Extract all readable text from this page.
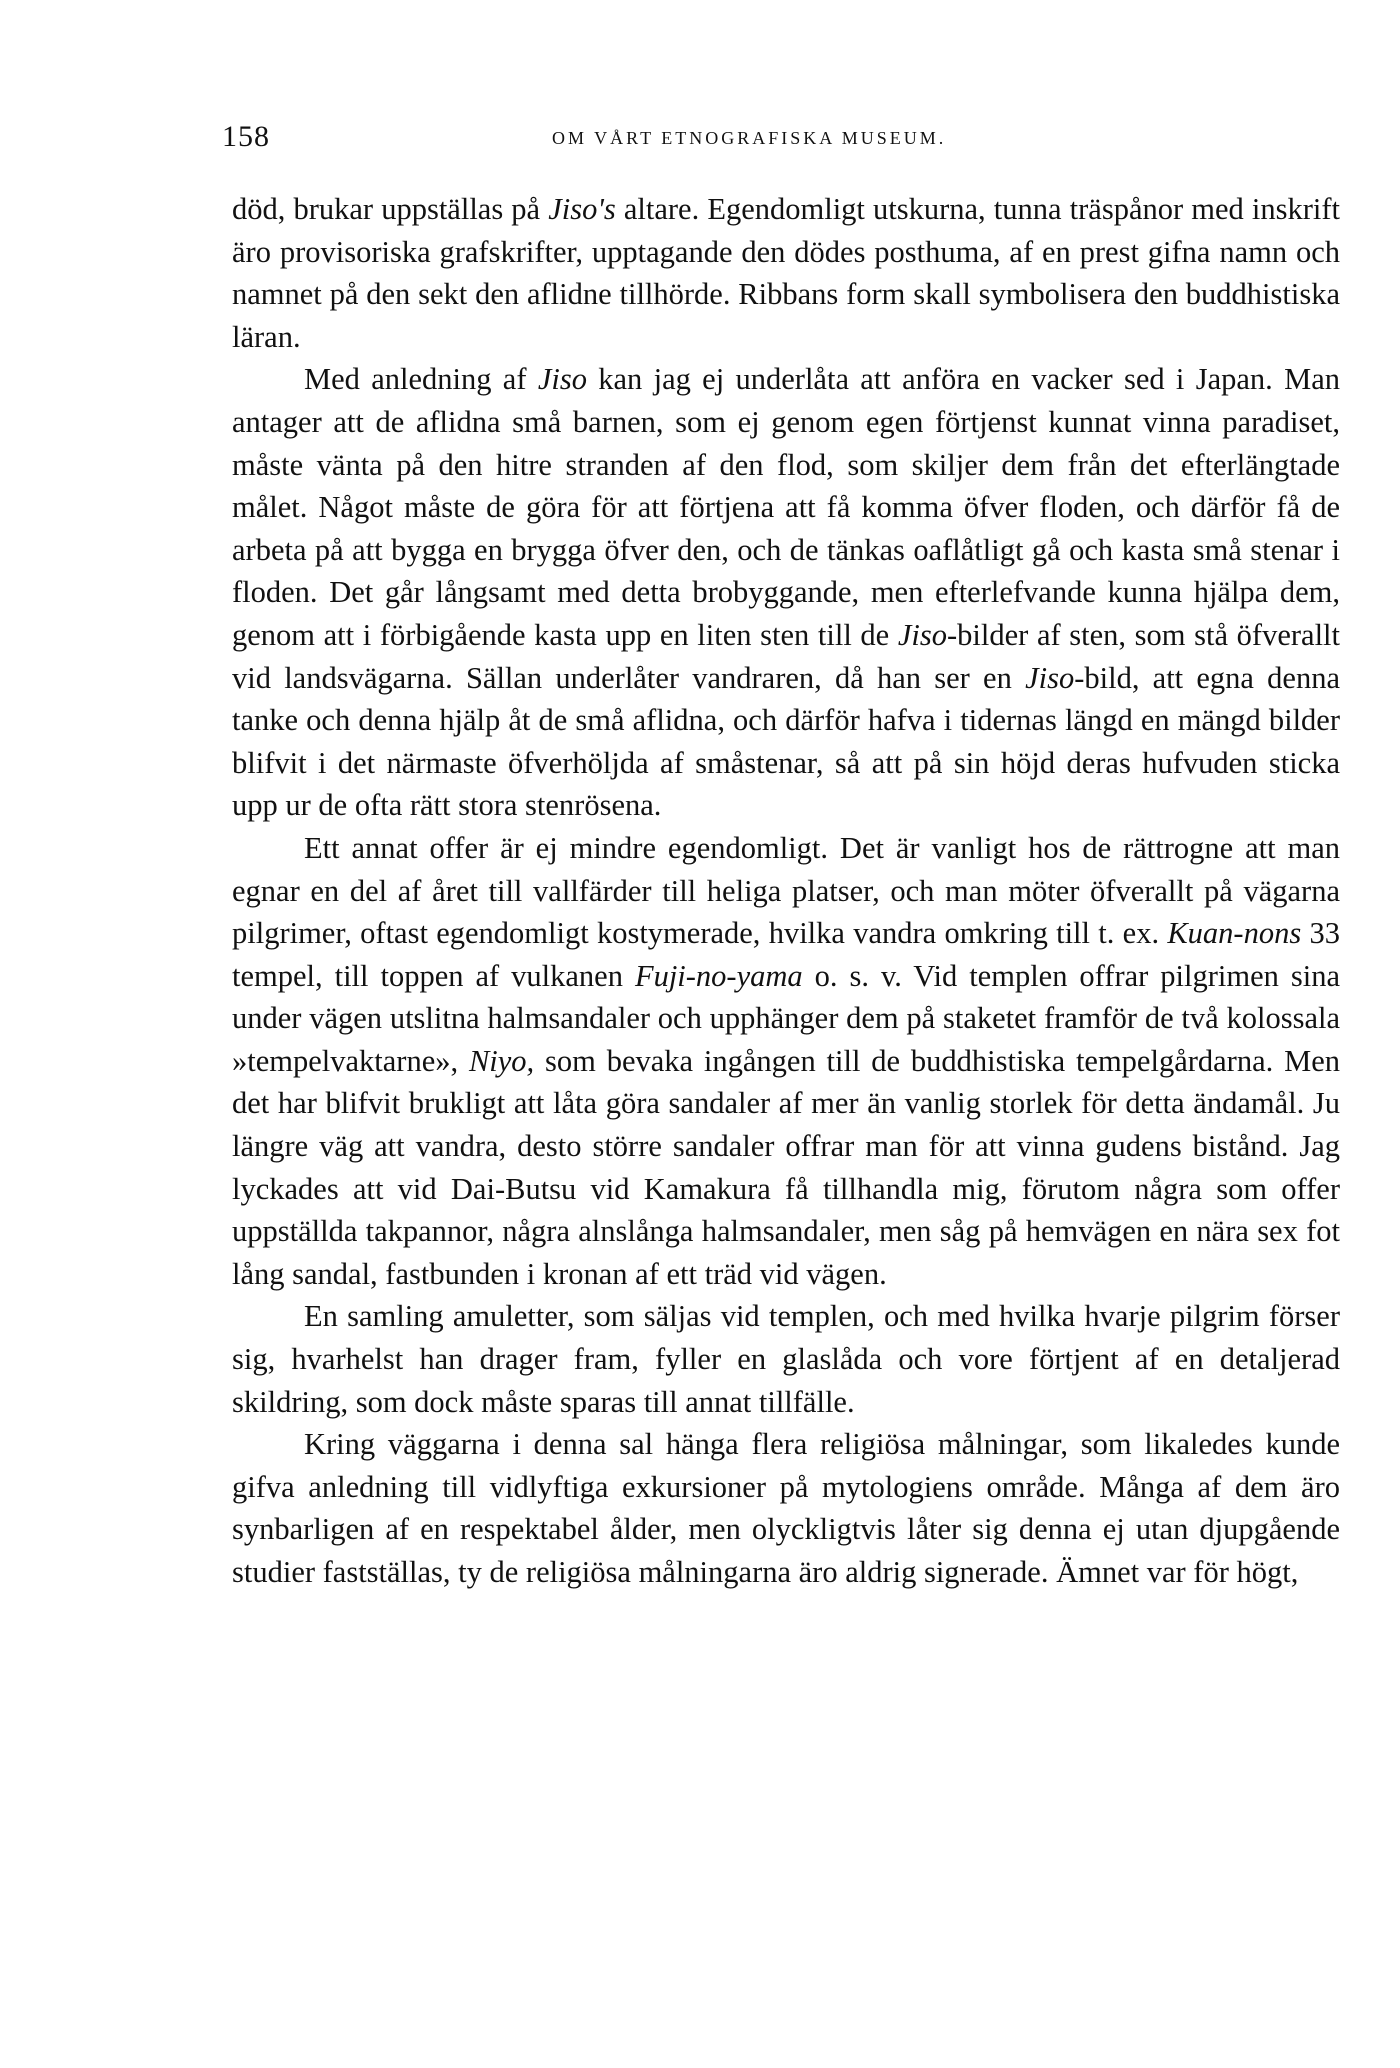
158	OM VÅRT ETNOGRAFISKA MUSEUM.

död, brukar uppställas på Jiso's altare. Egendomligt utskurna, tunna träspånor med inskrift äro provisoriska grafskrifter, upptagande den dödes posthuma, af en prest gifna namn och namnet på den sekt den aflidne tillhörde. Ribbans form skall symbolisera den buddhistiska läran.

Med anledning af Jiso kan jag ej underlåta att anföra en vacker sed i Japan. Man antager att de aflidna små barnen, som ej genom egen förtjenst kunnat vinna paradiset, måste vänta på den hitre stranden af den flod, som skiljer dem från det efterlängtade målet. Något måste de göra för att förtjena att få komma öfver floden, och därför få de arbeta på att bygga en brygga öfver den, och de tänkas oaflåtligt gå och kasta små stenar i floden. Det går långsamt med detta brobyggande, men efterlefvande kunna hjälpa dem, genom att i förbigående kasta upp en liten sten till de Jiso-bilder af sten, som stå öfverallt vid landsvägarna. Sällan underlåter vandraren, då han ser en Jiso-bild, att egna denna tanke och denna hjälp åt de små aflidna, och därför hafva i tidernas längd en mängd bilder blifvit i det närmaste öfverhöljda af småstenar, så att på sin höjd deras hufvuden sticka upp ur de ofta rätt stora stenrösena.

Ett annat offer är ej mindre egendomligt. Det är vanligt hos de rättrogne att man egnar en del af året till vallfärder till heliga platser, och man möter öfverallt på vägarna pilgrimer, oftast egendomligt kostymerade, hvilka vandra omkring till t. ex. Kuan-nons 33 tempel, till toppen af vulkanen Fuji-no-yama o. s. v. Vid templen offrar pilgrimen sina under vägen utslitna halmsandaler och upphänger dem på staketet framför de två kolossala »tempelvaktarne», Niyo, som bevaka ingången till de buddhistiska tempelgårdarna. Men det har blifvit brukligt att låta göra sandaler af mer än vanlig storlek för detta ändamål. Ju längre väg att vandra, desto större sandaler offrar man för att vinna gudens bistånd. Jag lyckades att vid Dai-Butsu vid Kamakura få tillhandla mig, förutom några som offer uppställda takpannor, några alnslånga halmsandaler, men såg på hemvägen en nära sex fot lång sandal, fastbunden i kronan af ett träd vid vägen.

En samling amuletter, som säljas vid templen, och med hvilka hvarje pilgrim förser sig, hvarhelst han drager fram, fyller en glaslåda och vore förtjent af en detaljerad skildring, som dock måste sparas till annat tillfälle.

Kring väggarna i denna sal hänga flera religiösa målningar, som likaledes kunde gifva anledning till vidlyftiga exkursioner på mytologiens område. Många af dem äro synbarligen af en respektabel ålder, men olyckligtvis låter sig denna ej utan djupgående studier fastställas, ty de religiösa målningarna äro aldrig signerade. Ämnet var för högt,
